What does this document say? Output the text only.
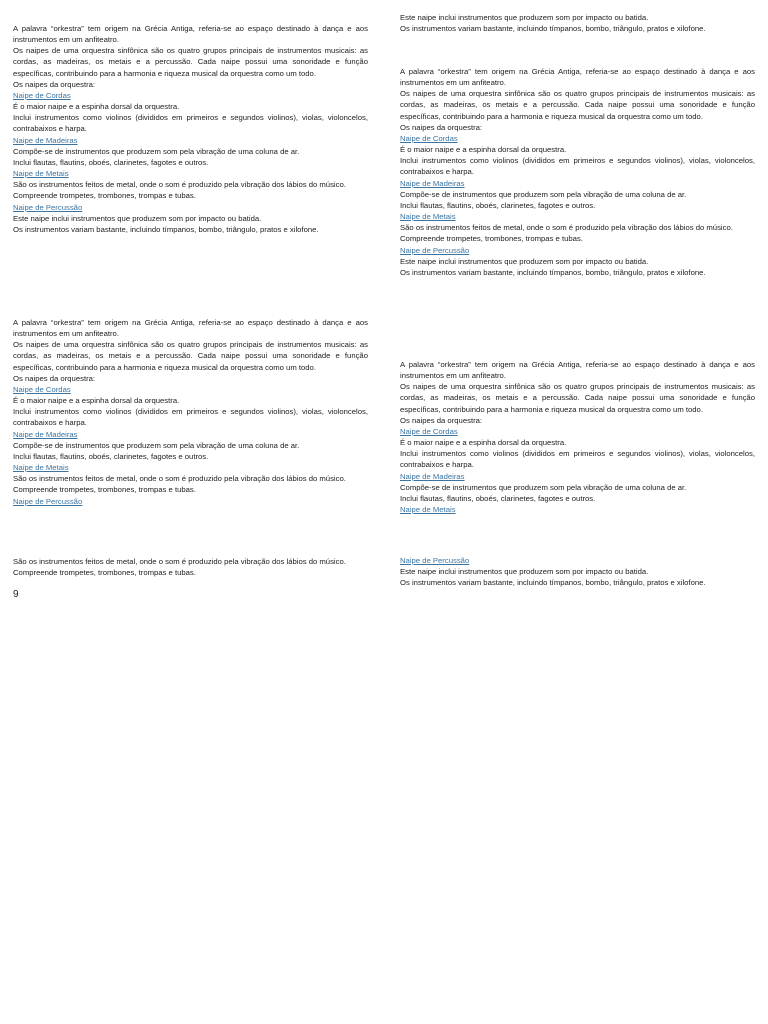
A palavra “orkestra” tem origem na Grécia Antiga, referia-se ao espaço destinado à dança e aos instrumentos em um anfiteatro.

Os naipes de uma orquestra sinfônica são os quatro grupos principais de instrumentos musicais: as cordas, as madeiras, os metais e a percussão. Cada naipe possui uma sonoridade e função específicas, contribuindo para a harmonia e riqueza musical da orquestra como um todo.

Os naipes da orquestra:

Naipe de Cordas

É o maior naipe e a espinha dorsal da orquestra.

Inclui instrumentos como violinos (divididos em primeiros e segundos violinos), violas, violoncelos, contrabaixos e harpa.

Naipe de Madeiras

Compõe-se de instrumentos que produzem som pela vibração de uma coluna de ar.

Inclui flautas, flautins, oboés, clarinetes, fagotes e outros.

Naipe de Metais

São os instrumentos feitos de metal, onde o som é produzido pela vibração dos lábios do músico.

Compreende trompetes, trombones, trompas e tubas.

Naipe de Percussão

Este naipe inclui instrumentos que produzem som por impacto ou batida.

Os instrumentos variam bastante, incluindo tímpanos, bombo, triângulo, pratos e xilofone.

A palavra “orkestra” tem origem na Grécia Antiga, referia-se ao espaço destinado à dança e aos instrumentos em um anfiteatro.

Os naipes de uma orquestra sinfônica são os quatro grupos principais de instrumentos musicais: as cordas, as madeiras, os metais e a percussão. Cada naipe possui uma sonoridade e função específicas, contribuindo para a harmonia e riqueza musical da orquestra como um todo.

Os naipes da orquestra:

Naipe de Cordas

É o maior naipe e a espinha dorsal da orquestra.

Inclui instrumentos como violinos (divididos em primeiros e segundos violinos), violas, violoncelos, contrabaixos e harpa.

Naipe de Madeiras

Compõe-se de instrumentos que produzem som pela vibração de uma coluna de ar.

Inclui flautas, flautins, oboés, clarinetes, fagotes e outros.

Naipe de Metais

São os instrumentos feitos de metal, onde o som é produzido pela vibração dos lábios do músico.

Compreende trompetes, trombones, trompas e tubas.

Naipe de Percussão

São os instrumentos feitos de metal, onde o som é produzido pela vibração dos lábios do músico.

Compreende trompetes, trombones, trompas e tubas.

9

Este naipe inclui instrumentos que produzem som por impacto ou batida.

Os instrumentos variam bastante, incluindo tímpanos, bombo, triângulo, pratos e xilofone.

A palavra “orkestra” tem origem na Grécia Antiga, referia-se ao espaço destinado à dança e aos instrumentos em um anfiteatro.

Os naipes de uma orquestra sinfônica são os quatro grupos principais de instrumentos musicais: as cordas, as madeiras, os metais e a percussão. Cada naipe possui uma sonoridade e função específicas, contribuindo para a harmonia e riqueza musical da orquestra como um todo.

Os naipes da orquestra:

Naipe de Cordas

É o maior naipe e a espinha dorsal da orquestra.

Inclui instrumentos como violinos (divididos em primeiros e segundos violinos), violas, violoncelos, contrabaixos e harpa.

Naipe de Madeiras

Compõe-se de instrumentos que produzem som pela vibração de uma coluna de ar.

Inclui flautas, flautins, oboés, clarinetes, fagotes e outros.

Naipe de Metais

São os instrumentos feitos de metal, onde o som é produzido pela vibração dos lábios do músico.

Compreende trompetes, trombones, trompas e tubas.

Naipe de Percussão

Este naipe inclui instrumentos que produzem som por impacto ou batida.

Os instrumentos variam bastante, incluindo tímpanos, bombo, triângulo, pratos e xilofone.

A palavra “orkestra” tem origem na Grécia Antiga, referia-se ao espaço destinado à dança e aos instrumentos em um anfiteatro.

Os naipes de uma orquestra sinfônica são os quatro grupos principais de instrumentos musicais: as cordas, as madeiras, os metais e a percussão. Cada naipe possui uma sonoridade e função específicas, contribuindo para a harmonia e riqueza musical da orquestra como um todo.

Os naipes da orquestra:

Naipe de Cordas

É o maior naipe e a espinha dorsal da orquestra.

Inclui instrumentos como violinos (divididos em primeiros e segundos violinos), violas, violoncelos, contrabaixos e harpa.

Naipe de Madeiras

Compõe-se de instrumentos que produzem som pela vibração de uma coluna de ar.

Inclui flautas, flautins, oboés, clarinetes, fagotes e outros.

Naipe de Metais
Naipe de Percussão

Este naipe inclui instrumentos que produzem som por impacto ou batida.

Os instrumentos variam bastante, incluindo tímpanos, bombo, triângulo, pratos e xilofone.
